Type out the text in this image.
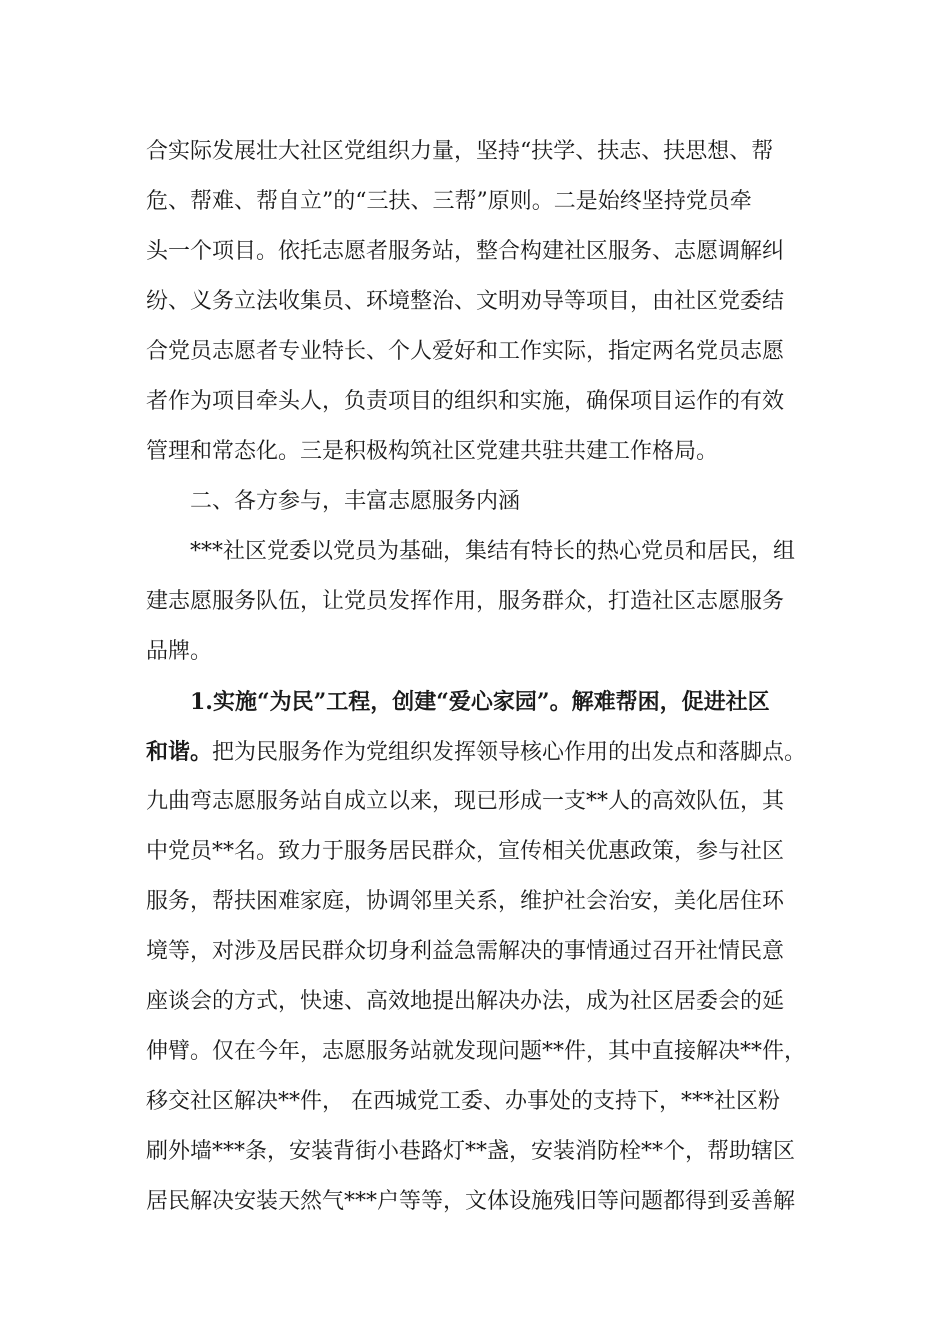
合实际发展壮大社区党组织力量，坚持“扶学、扶志、扶思想、帮
危、帮难、帮自立”的“三扶、三帮”原则。二是始终坚持党员牵
头一个项目。依托志愿者服务站，整合构建社区服务、志愿调解纠
纷、义务立法收集员、环境整治、文明劝导等项目，由社区党委结
合党员志愿者专业特长、个人爱好和工作实际，指定两名党员志愿
者作为项目牵头人，负责项目的组织和实施，确保项目运作的有效
管理和常态化。三是积极构筑社区党建共驻共建工作格局。
二、各方参与，丰富志愿服务内涵
***社区党委以党员为基础，集结有特长的热心党员和居民，组
建志愿服务队伍，让党员发挥作用，服务群众，打造社区志愿服务
品牌。
1.实施“为民”工程，创建“爱心家园”。解难帮困，促进社区
和谐。把为民服务作为党组织发挥领导核心作用的出发点和落脚点。
九曲弯志愿服务站自成立以来，现已形成一支**人的高效队伍，其
中党员**名。致力于服务居民群众，宣传相关优惠政策，参与社区
服务，帮扶困难家庭，协调邻里关系，维护社会治安，美化居住环
境等，对涉及居民群众切身利益急需解决的事情通过召开社情民意
座谈会的方式，快速、高效地提出解决办法，成为社区居委会的延
伸臂。仅在今年，志愿服务站就发现问题**件，其中直接解决**件，
移交社区解决**件， 在西城党工委、办事处的支持下，***社区粉
刷外墙***条，安装背街小巷路灯**盏，安装消防栓**个，帮助辖区
居民解决安装天然气***户等等，文体设施残旧等问题都得到妥善解
